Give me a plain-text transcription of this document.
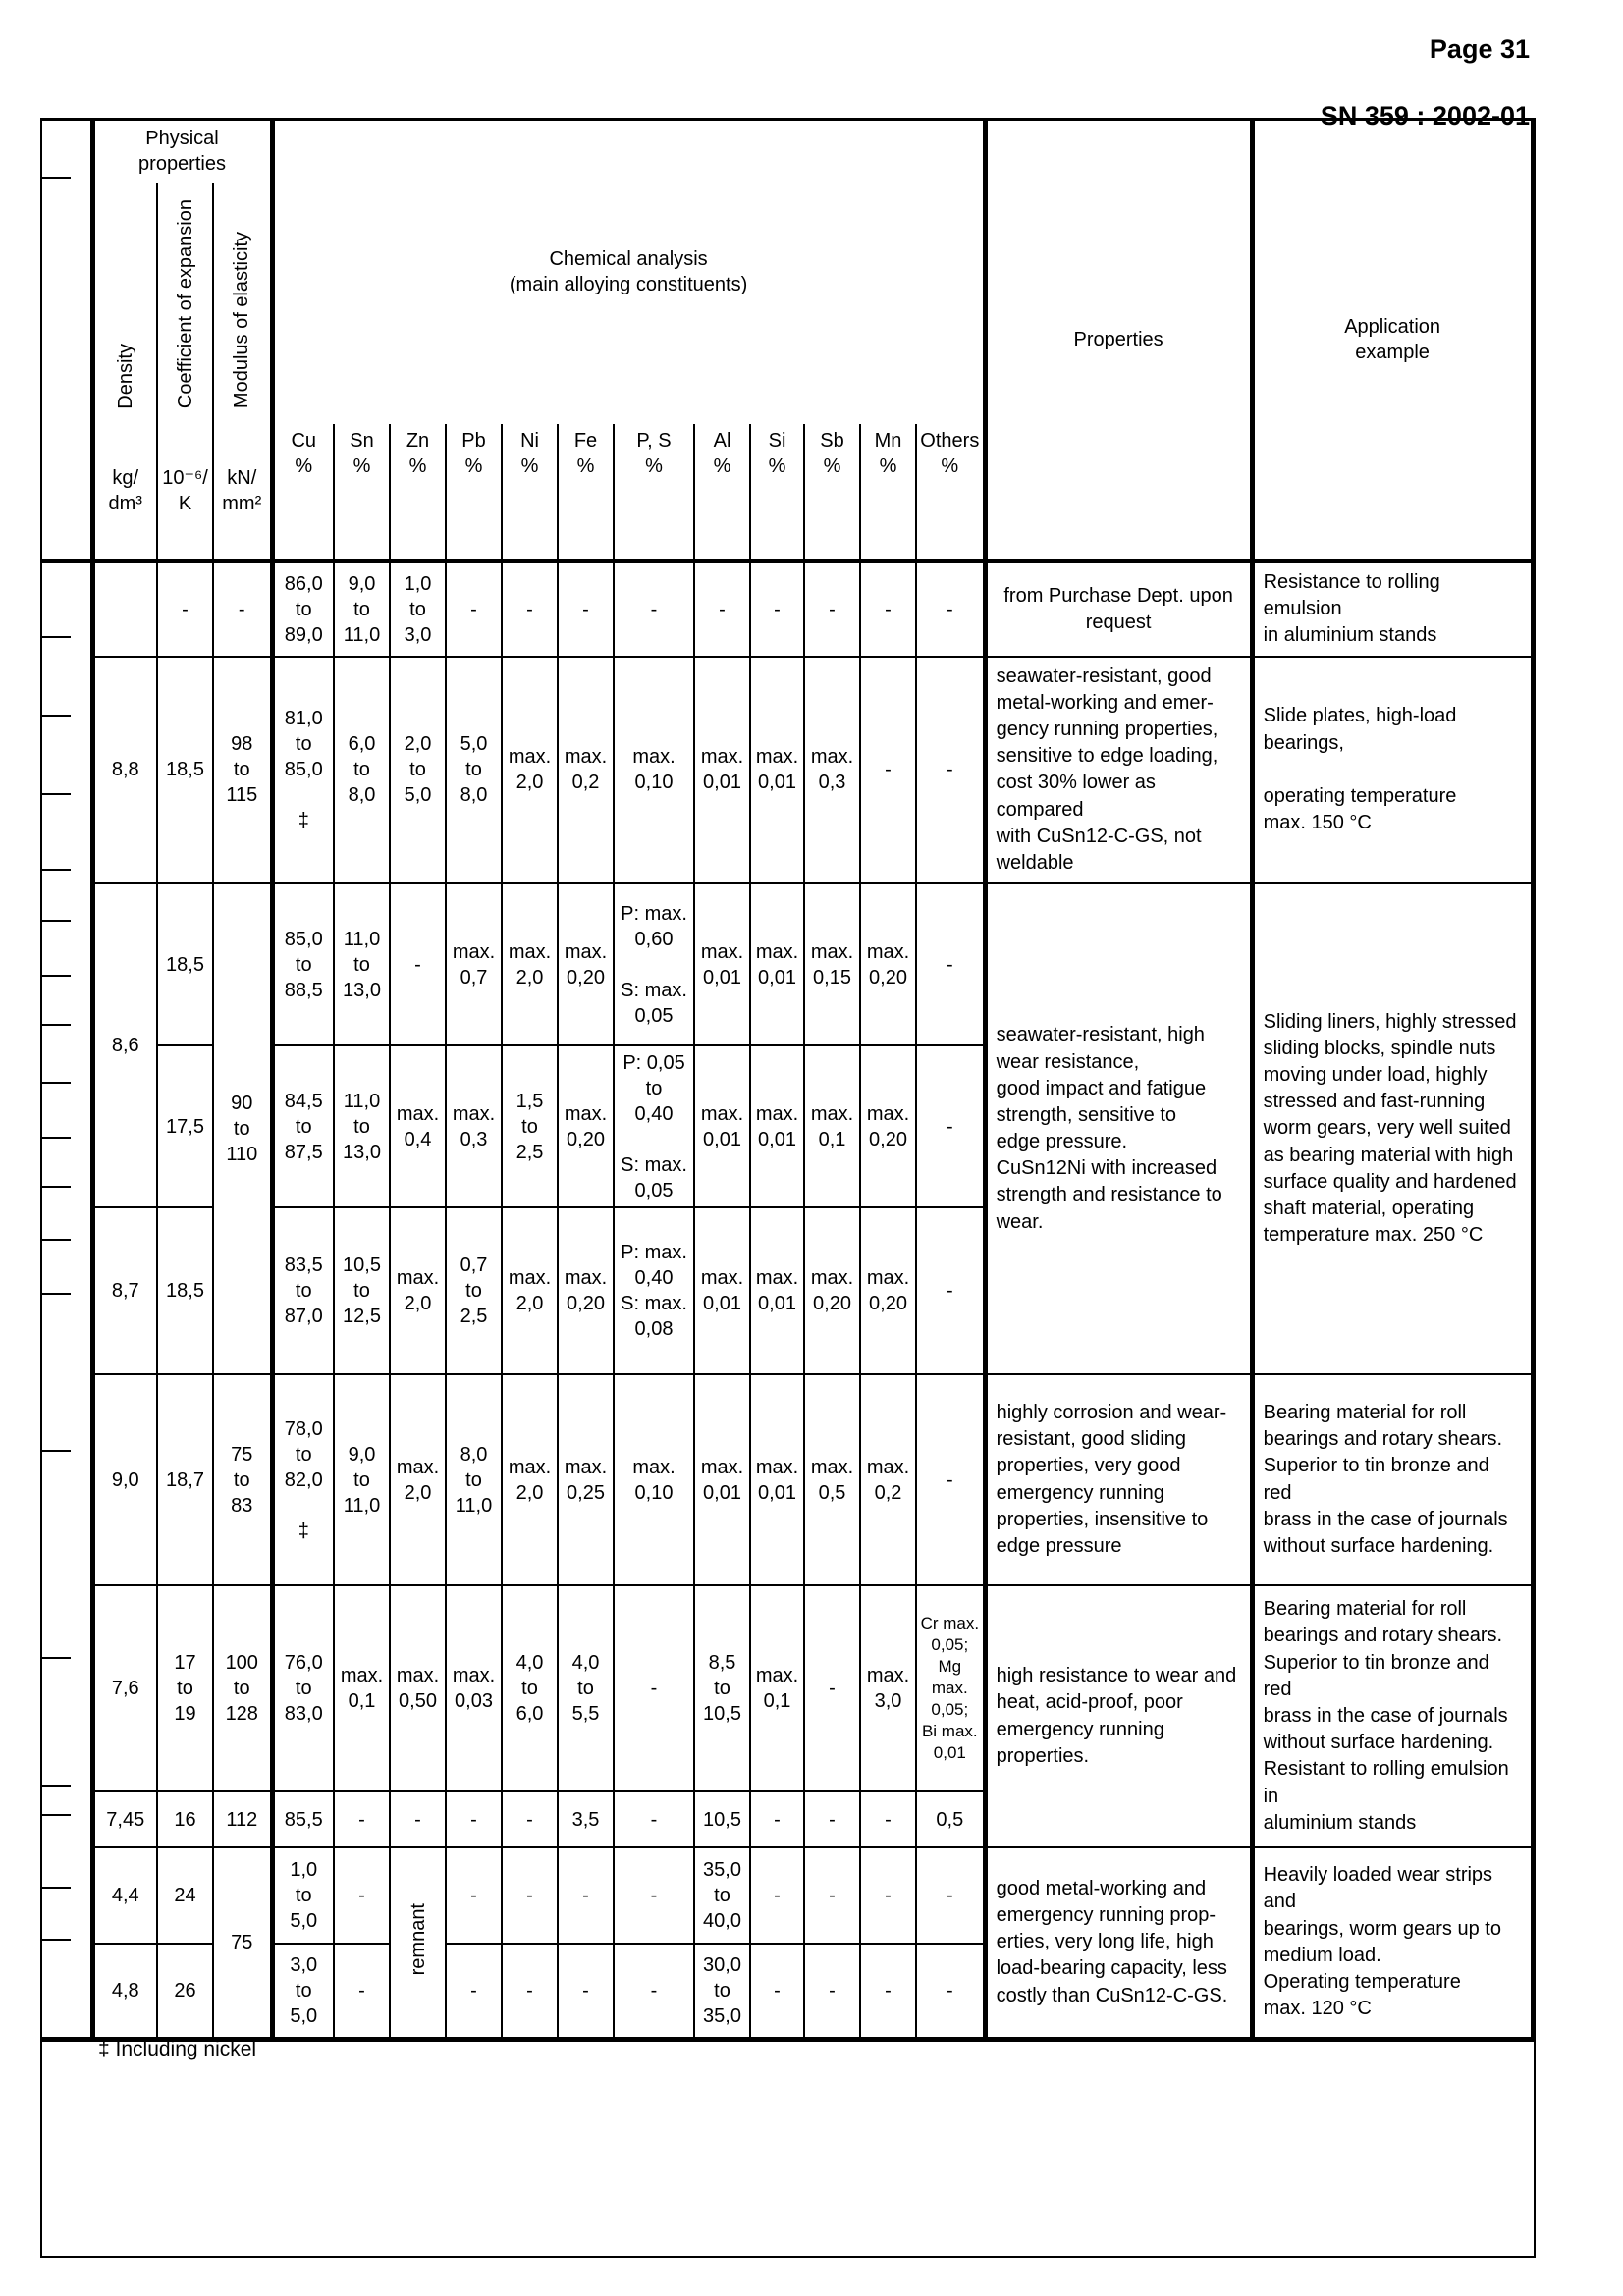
Page 31

SN 359 : 2002-01
	Physical
properties			Chemical analysis
(main alloying constituents)												Properties	Application
example
	Density	Coefficient of expansion	Modulus of elasticity														
	kg/
dm³	10⁻⁶/
K	kN/
mm²	Cu
%	Sn
%	Zn
%	Pb
%	Ni
%	Fe
%	P, S
%	Al
%	Si
%	Sb
%	Mn
%	Others
%		
		-	-	86,0
to
89,0	9,0
to
11,0	1,0
to
3,0	-	-	-	-	-	-	-	-	-	from Purchase Dept. upon
request	Resistance to rolling emulsion
in aluminium stands
8,8	18,5	98
to
115	81,0
to
85,0

‡	6,0
to
8,0	2,0
to
5,0	5,0
to
8,0	max.
2,0	max.
0,2	max.
0,10	max.
0,01	max.
0,01	max.
0,3	-	-	seawater-resistant, good
metal-working and emer-
gency running properties,
sensitive to edge loading,
cost 30% lower as compared
with CuSn12-C-GS, not
weldable	Slide plates, high-load
bearings,

operating temperature
max. 150 °C
8,6	18,5	90
to
110	85,0
to
88,5	11,0
to
13,0	-	max.
0,7	max.
2,0	max.
0,20	P: max.
0,60

S: max.
0,05	max.
0,01	max.
0,01	max.
0,15	max.
0,20	-	seawater-resistant, high
wear resistance,
good impact and fatigue
strength, sensitive to
edge pressure.
CuSn12Ni with increased
strength and resistance to
wear.	Sliding liners, highly stressed
sliding blocks, spindle nuts
moving under load, highly
stressed and fast-running
worm gears, very well suited
as bearing material with high
surface quality and hardened
shaft material, operating
temperature max. 250 °C
		17,5		84,5
to
87,5	11,0
to
13,0	max.
0,4	max.
0,3	1,5
to
2,5	max.
0,20	P: 0,05
to
0,40

S: max.
0,05	max.
0,01	max.
0,01	max.
0,1	max.
0,20	-		
	8,7	18,5		83,5
to
87,0	10,5
to
12,5	max.
2,0	0,7
to
2,5	max.
2,0	max.
0,20	P: max.
0,40
S: max.
0,08	max.
0,01	max.
0,01	max.
0,20	max.
0,20	-		
9,0	18,7	75
to
83	78,0
to
82,0

‡	9,0
to
11,0	max.
2,0	8,0
to
11,0	max.
2,0	max.
0,25	max.
0,10	max.
0,01	max.
0,01	max.
0,5	max.
0,2	-	highly corrosion and wear-
resistant, good sliding
properties, very good
emergency running
properties, insensitive to
edge pressure	Bearing material for roll
bearings and rotary shears.
Superior to tin bronze and red
brass in the case of journals
without surface hardening.
7,6	17
to
19	100
to
128	76,0
to
83,0	max.
0,1	max.
0,50	max.
0,03	4,0
to
6,0	4,0
to
5,5	-	8,5
to
10,5	max.
0,1	-	max.
3,0	Cr max.
0,05;
Mg max.
0,05;
Bi max.
0,01	high resistance to wear and
heat, acid-proof, poor
emergency running
properties.	Bearing material for roll
bearings and rotary shears.
Superior to tin bronze and red
brass in the case of journals
without surface hardening.
Resistant to rolling emulsion in
aluminium stands
	7,45	16	112	85,5	-	-	-	-	3,5	-	10,5	-	-	-	0,5		
	4,4	24	75	1,0
to
5,0	-	remnant	-	-	-	-	35,0
to
40,0	-	-	-	-	good metal-working and
emergency running prop-
erties, very long life, high
load-bearing capacity, less
costly than CuSn12-C-GS.	Heavily loaded wear strips and
bearings, worm gears up to
medium load.
Operating temperature
max. 120 °C
	4,8	26		3,0
to
5,0	-		-	-	-	-	30,0
to
35,0	-	-	-	-		
‡ Including nickel
